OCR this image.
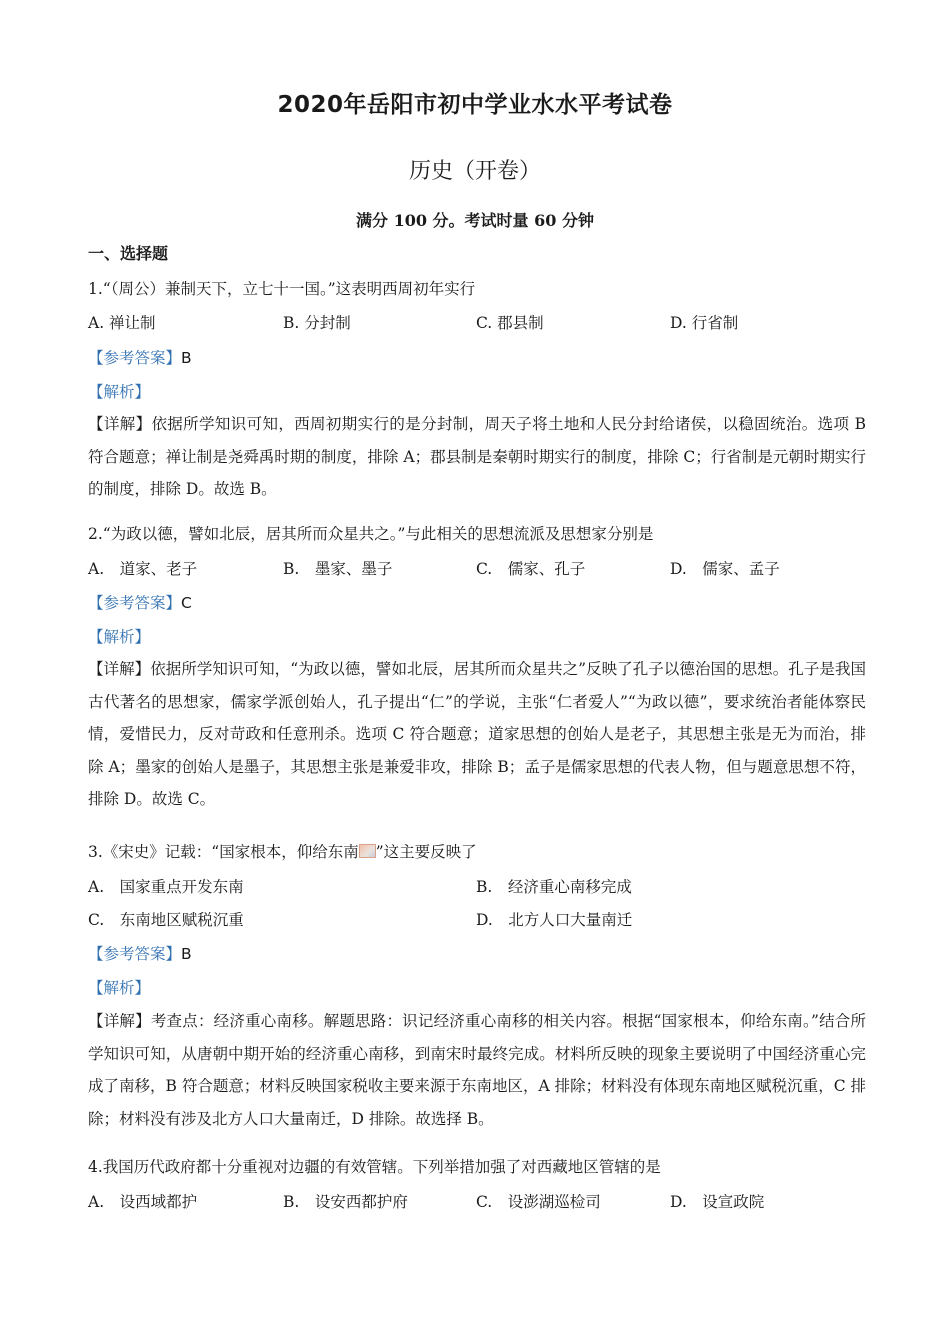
2020年岳阳市初中学业水水平考试卷
历史（开卷）
满分 100 分。考试时量 60 分钟
一、选择题
1.“（周公）兼制天下，立七十一国。”这表明西周初年实行
A. 禅让制	B. 分封制	C. 郡县制	D. 行省制
【参考答案】B
【解析】
【详解】依据所学知识可知，西周初期实行的是分封制，周天子将土地和人民分封给诸侯，以稳固统治。选项 B 符合题意；禅让制是尧舜禹时期的制度，排除 A；郡县制是秦朝时期实行的制度，排除 C；行省制是元朝时期实行的制度，排除 D。故选 B。
2.“为政以德，譬如北辰，居其所而众星共之。”与此相关的思想流派及思想家分别是
A.　道家、老子	B.　墨家、墨子	C.　儒家、孔子	D.　儒家、孟子
【参考答案】C
【解析】
【详解】依据所学知识可知，“为政以德，譬如北辰，居其所而众星共之”反映了孔子以德治国的思想。孔子是我国古代著名的思想家，儒家学派创始人，孔子提出“仁”的学说，主张“仁者爱人”“为政以德”，要求统治者能体察民情，爱惜民力，反对苛政和任意刑杀。选项 C 符合题意；道家思想的创始人是老子，其思想主张是无为而治，排除 A；墨家的创始人是墨子，其思想主张是兼爱非攻，排除 B；孟子是儒家思想的代表人物，但与题意思想不符，排除 D。故选 C。
3.《宋史》记载：“国家根本，仰给东南 ”这主要反映了
A.　国家重点开发东南	B.　经济重心南移完成
C.　东南地区赋税沉重	D.　北方人口大量南迁
【参考答案】B
【解析】
【详解】考查点：经济重心南移。解题思路：识记经济重心南移的相关内容。根据“国家根本，仰给东南。”结合所学知识可知，从唐朝中期开始的经济重心南移，到南宋时最终完成。材料所反映的现象主要说明了中国经济重心完成了南移，B 符合题意；材料反映国家税收主要来源于东南地区，A 排除；材料没有体现东南地区赋税沉重，C 排除；材料没有涉及北方人口大量南迁，D 排除。故选择 B。
4.我国历代政府都十分重视对边疆的有效管辖。下列举措加强了对西藏地区管辖的是
A.　设西域都护	B.　设安西都护府	C.　设澎湖巡检司	D.　设宣政院
